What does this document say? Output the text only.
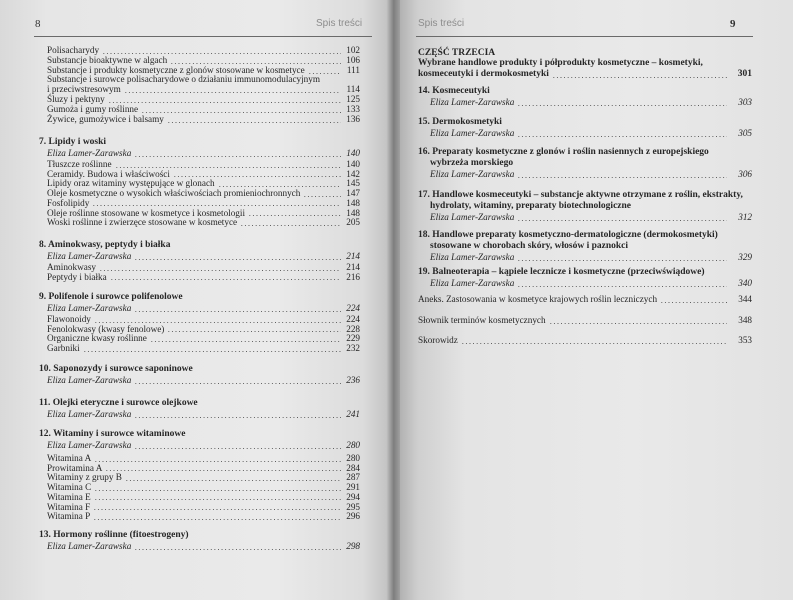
8	Spis treści
Polisacharydy	102
Substancje bioaktywne w algach	106
Substancje i produkty kosmetyczne z glonów stosowane w kosmetyce	111
Substancje i surowce polisacharydowe o działaniu immunomodulacyjnym
i przeciwstresowym	114
Śluzy i pektyny	125
Gumoża i gumy roślinne	133
Żywice, gumożywice i balsamy	136
7. Lipidy i woski
Eliza Lamer-Zarawska	140
Tłuszcze roślinne	140
Ceramidy. Budowa i właściwości	142
Lipidy oraz witaminy występujące w glonach	145
Oleje kosmetyczne o wysokich właściwościach promieniochronnych	147
Fosfolipidy	148
Oleje roślinne stosowane w kosmetyce i kosmetologii	148
Woski roślinne i zwierzęce stosowane w kosmetyce	205
8. Aminokwasy, peptydy i białka
Eliza Lamer-Zarawska	214
Aminokwasy	214
Peptydy i białka	216
9. Polifenole i surowce polifenolowe
Eliza Lamer-Zarawska	224
Flawonoidy	224
Fenolokwasy (kwasy fenolowe)	228
Organiczne kwasy roślinne	229
Garbniki	232
10. Saponozydy i surowce saponinowe
Eliza Lamer-Zarawska	236
11. Olejki eteryczne i surowce olejkowe
Eliza Lamer-Zarawska	241
12. Witaminy i surowce witaminowe
Eliza Lamer-Zarawska	280
Witamina A	280
Prowitamina A	284
Witaminy z grupy B	287
Witamina C	291
Witamina E	294
Witamina F	295
Witamina P	296
13. Hormony roślinne (fitoestrogeny)
Eliza Lamer-Zarawska	298
Spis treści	9
CZĘŚĆ TRZECIA
Wybrane handlowe produkty i półprodukty kosmetyczne – kosmetyki,
kosmeceutyki i dermokosmetyki	301
14. Kosmeceutyki
Eliza Lamer-Zarawska	303
15. Dermokosmetyki
Eliza Lamer-Zarawska	305
16. Preparaty kosmetyczne z glonów i roślin nasiennych z europejskiego
wybrzeża morskiego
Eliza Lamer-Zarawska	306
17. Handlowe kosmeceutyki – substancje aktywne otrzymane z roślin, ekstrakty,
hydrolaty, witaminy, preparaty biotechnologiczne
Eliza Lamer-Zarawska	312
18. Handlowe preparaty kosmetyczno-dermatologiczne (dermokosmetyki)
stosowane w chorobach skóry, włosów i paznokci
Eliza Lamer-Zarawska	329
19. Balneoterapia – kąpiele lecznicze i kosmetyczne (przeciwświądowe)
Eliza Lamer-Zarawska	340
Aneks. Zastosowania w kosmetyce krajowych roślin leczniczych	344
Słownik terminów kosmetycznych	348
Skorowidz	353
